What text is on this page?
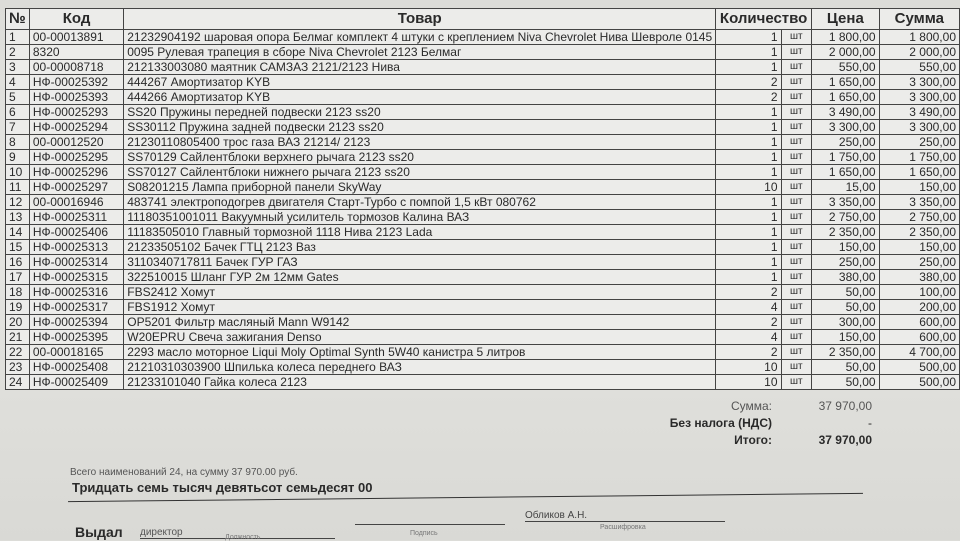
№	Код	Товар	Количество		Цена	Сумма
1	00-00013891	21232904192 шаровая опора Белмаг комплект 4 штуки с креплением Niva Chevrolet Нива Шевроле 0145	1	шт	1 800,00	1 800,00
2	8320	0095 Рулевая трапеция в сборе Niva Chevrolet 2123 Белмаг	1	шт	2 000,00	2 000,00
3	00-00008718	212133003080 маятник САМЗАЗ 2121/2123 Нива	1	шт	550,00	550,00
4	НФ-00025392	444267 Амортизатор KYB	2	шт	1 650,00	3 300,00
5	НФ-00025393	444266 Амортизатор KYB	2	шт	1 650,00	3 300,00
6	НФ-00025293	SS20 Пружины передней подвески 2123 ss20	1	шт	3 490,00	3 490,00
7	НФ-00025294	SS30112 Пружина задней подвески 2123 ss20	1	шт	3 300,00	3 300,00
8	00-00012520	21230110805400 трос газа ВАЗ 21214/ 2123	1	шт	250,00	250,00
9	НФ-00025295	SS70129 Сайлентблоки верхнего рычага 2123 ss20	1	шт	1 750,00	1 750,00
10	НФ-00025296	SS70127 Сайлентблоки нижнего рычага 2123 ss20	1	шт	1 650,00	1 650,00
11	НФ-00025297	S08201215 Лампа приборной панели SkyWay	10	шт	15,00	150,00
12	00-00016946	483741 электроподогрев двигателя Старт-Турбо с помпой 1,5 кВт 080762	1	шт	3 350,00	3 350,00
13	НФ-00025311	11180351001011 Вакуумный усилитель тормозов Калина ВАЗ	1	шт	2 750,00	2 750,00
14	НФ-00025406	11183505010 Главный тормозной 1118 Нива 2123 Lada	1	шт	2 350,00	2 350,00
15	НФ-00025313	21233505102 Бачек ГТЦ 2123 Ваз	1	шт	150,00	150,00
16	НФ-00025314	3110340717811 Бачек ГУР ГАЗ	1	шт	250,00	250,00
17	НФ-00025315	322510015 Шланг ГУР 2м 12мм Gates	1	шт	380,00	380,00
18	НФ-00025316	FBS2412 Хомут	2	шт	50,00	100,00
19	НФ-00025317	FBS1912 Хомут	4	шт	50,00	200,00
20	НФ-00025394	OP5201 Фильтр масляный Mann W9142	2	шт	300,00	600,00
21	НФ-00025395	W20EPRU Свеча зажигания Denso	4	шт	150,00	600,00
22	00-00018165	2293 масло моторное Liqui Moly Optimal Synth 5W40 канистра 5 литров	2	шт	2 350,00	4 700,00
23	НФ-00025408	21210310303900 Шпилька колеса переднего ВАЗ	10	шт	50,00	500,00
24	НФ-00025409	21233101040 Гайка колеса 2123	10	шт	50,00	500,00
Сумма:	37 970,00
Без налога (НДС)	-
Итого:	37 970,00
Всего наименований 24, на сумму 37 970.00 руб.
Тридцать семь тысяч девятьсот семьдесят 00
Выдал директор	Должность
Подпись
Обликов А.Н.
Расшифровка
